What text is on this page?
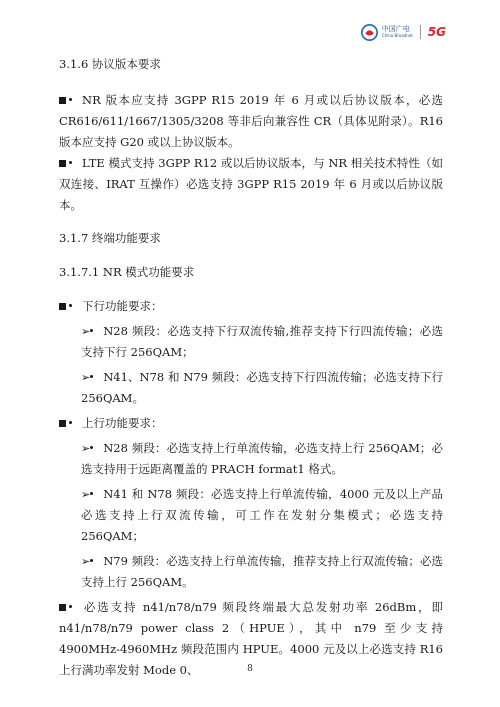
中国广电
China Broadnet 5G

3.1.6 协议版本要求

NR 版本应支持 3GPP R15 2019 年 6 月或以后协议版本，必选 CR616/611/1667/1305/3208 等非后向兼容性 CR（具体见附录）。R16 版本应支持 G20 或以上协议版本。

LTE 模式支持 3GPP R12 或以后协议版本，与 NR 相关技术特性（如双连接、IRAT 互操作）必选支持 3GPP R15 2019 年 6 月或以后协议版本。

3.1.7 终端功能要求

3.1.7.1 NR 模式功能要求

下行功能要求：

➢ N28 频段：必选支持下行双流传输,推荐支持下行四流传输；必选支持下行 256QAM；

➢ N41、N78 和 N79 频段：必选支持下行四流传输；必选支持下行 256QAM。

上行功能要求：

➢ N28 频段：必选支持上行单流传输，必选支持上行 256QAM；必选支持用于远距离覆盖的 PRACH format1 格式。

➢ N41 和 N78 频段：必选支持上行单流传输，4000 元及以上产品必选支持上行双流传输，可工作在发射分集模式；必选支持 256QAM；

➢ N79 频段：必选支持上行单流传输，推荐支持上行双流传输；必选支持上行 256QAM。

必选支持 n41/n78/n79 频段终端最大总发射功率 26dBm，即 n41/n78/n79 power class 2（HPUE），其中 n79 至少支持 4900MHz-4960MHz 频段范围内 HPUE。4000 元及以上必选支持 R16 上行满功率发射 Mode 0、	8
